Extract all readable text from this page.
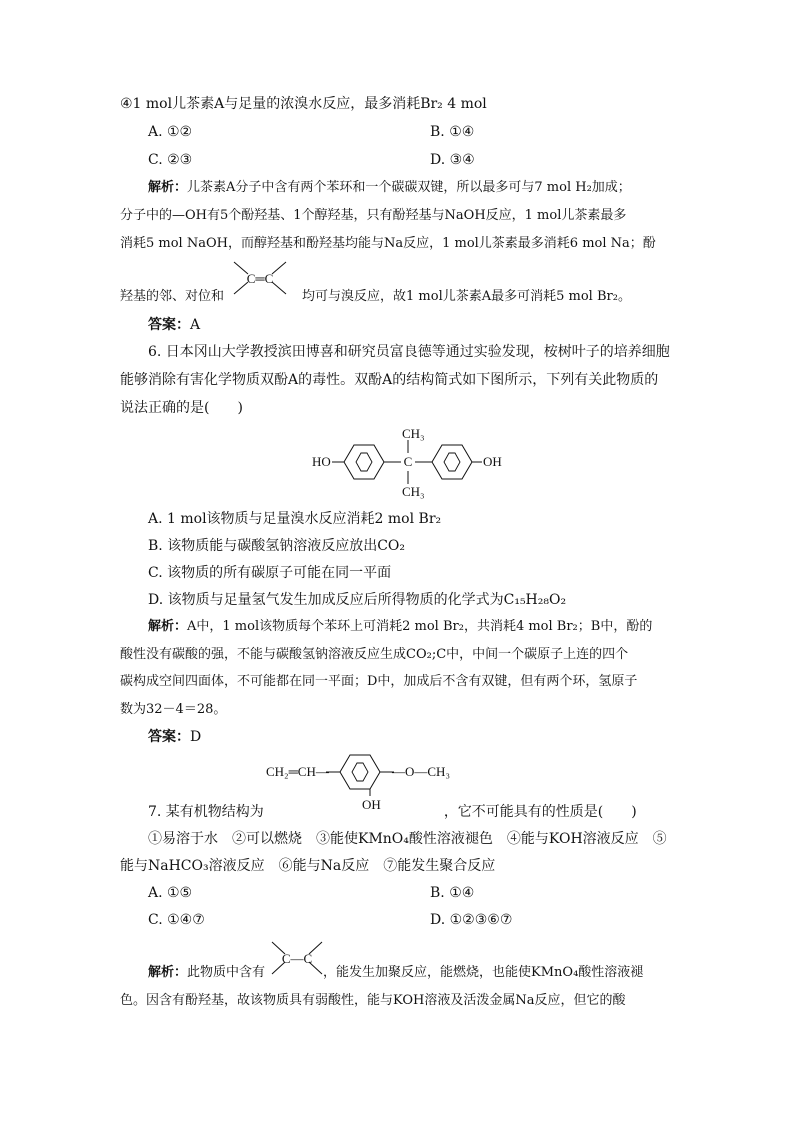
④1 mol儿茶素A与足量的浓溴水反应，最多消耗Br₂ 4 mol
A. ①②	B. ①④
C. ②③	D. ③④
解析：儿茶素A分子中含有两个苯环和一个碳碳双键，所以最多可与7 mol H₂加成；
分子中的—OH有5个酚羟基、1个醇羟基，只有酚羟基与NaOH反应，1 mol儿茶素最多
消耗5 mol NaOH，而醇羟基和酚羟基均能与Na反应，1 mol儿茶素最多消耗6 mol Na；酚
C═C
羟基的邻、对位和	均可与溴反应，故1 mol儿茶素A最多可消耗5 mol Br₂。
答案：A
6. 日本冈山大学教授滨田博喜和研究员富良德等通过实验发现，桉树叶子的培养细胞
能够消除有害化学物质双酚A的毒性。双酚A的结构简式如下图所示，下列有关此物质的
说法正确的是(　　)
HO	C
CH₃
CH₃
OH
A. 1 mol该物质与足量溴水反应消耗2 mol Br₂
B. 该物质能与碳酸氢钠溶液反应放出CO₂
C. 该物质的所有碳原子可能在同一平面
D. 该物质与足量氢气发生加成反应后所得物质的化学式为C₁₅H₂₈O₂
解析：A中，1 mol该物质每个苯环上可消耗2 mol Br₂，共消耗4 mol Br₂；B中，酚的
酸性没有碳酸的强，不能与碳酸氢钠溶液反应生成CO₂;C中，中间一个碳原子上连的四个
碳构成空间四面体，不可能都在同一平面；D中，加成后不含有双键，但有两个环，氢原子
数为32－4＝28。
答案：D
CH₂═CH—	—O—CH₃
OH
7. 某有机物结构为	，它不可能具有的性质是(　　)
①易溶于水　②可以燃烧　③能使KMnO₄酸性溶液褪色　④能与KOH溶液反应　⑤
能与NaHCO₃溶液反应　⑥能与Na反应　⑦能发生聚合反应
A. ①⑤	B. ①④
C. ①④⑦	D. ①②③⑥⑦
C—C
解析：此物质中含有	，能发生加聚反应，能燃烧，也能使KMnO₄酸性溶液褪
色。因含有酚羟基，故该物质具有弱酸性，能与KOH溶液及活泼金属Na反应，但它的酸
